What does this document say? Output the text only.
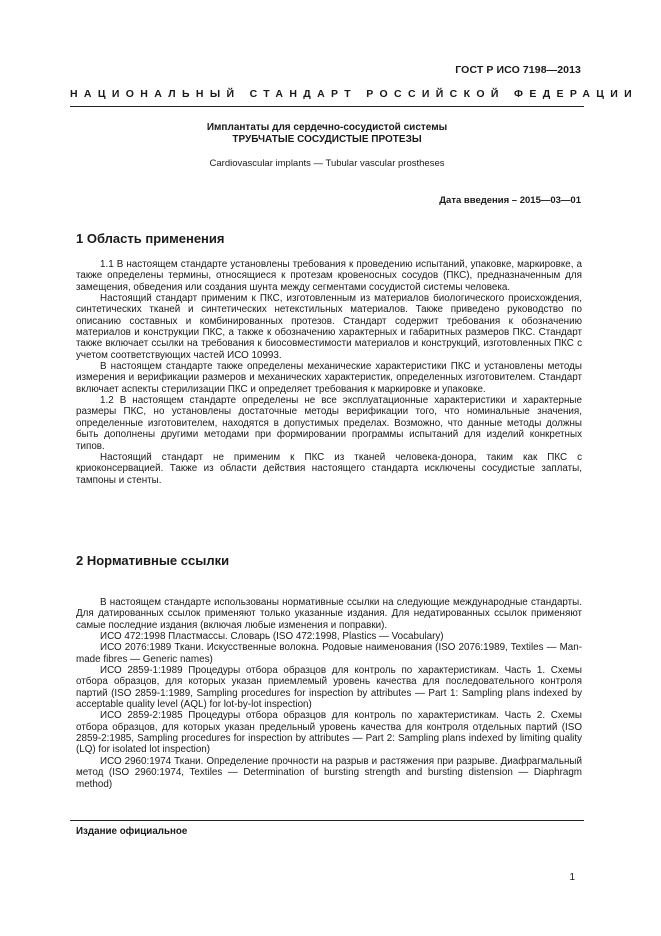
ГОСТ Р ИСО 7198—2013
НАЦИОНАЛЬНЫЙ СТАНДАРТ РОССИЙСКОЙ ФЕДЕРАЦИИ
Имплантаты для сердечно-сосудистой системы
ТРУБЧАТЫЕ СОСУДИСТЫЕ ПРОТЕЗЫ
Cardiovascular implants — Tubular vascular prostheses
Дата введения – 2015—03—01
1 Область применения

1.1 В настоящем стандарте установлены требования к проведению испытаний, упаковке, маркировке, а также определены термины, относящиеся к протезам кровеносных сосудов (ПКС), предназначенным для замещения, обведения или создания шунта между сегментами сосудистой системы человека.

Настоящий стандарт применим к ПКС, изготовленным из материалов биологического происхождения, синтетических тканей и синтетических нетекстильных материалов. Также приведено руководство по описанию составных и комбинированных протезов. Стандарт содержит требования к обозначению материалов и конструкции ПКС, а также к обозначению характерных и габаритных размеров ПКС. Стандарт также включает ссылки на требования к биосовместимости материалов и конструкций, изготовленных ПКС с учетом соответствующих частей ИСО 10993.

В настоящем стандарте также определены механические характеристики ПКС и установлены методы измерения и верификации размеров и механических характеристик, определенных изготовителем. Стандарт включает аспекты стерилизации ПКС и определяет требования к маркировке и упаковке.

1.2 В настоящем стандарте определены не все эксплуатационные характеристики и характерные размеры ПКС, но установлены достаточные методы верификации того, что номинальные значения, определенные изготовителем, находятся в допустимых пределах. Возможно, что данные методы должны быть дополнены другими методами при формировании программы испытаний для изделий конкретных типов.

Настоящий стандарт не применим к ПКС из тканей человека-донора, таким как ПКС с криоконсервацией. Также из области действия настоящего стандарта исключены сосудистые заплаты, тампоны и стенты.

2 Нормативные ссылки

В настоящем стандарте использованы нормативные ссылки на следующие международные стандарты. Для датированных ссылок применяют только указанные издания. Для недатированных ссылок применяют самые последние издания (включая любые изменения и поправки).

ИСО 472:1998 Пластмассы. Словарь (ISO 472:1998, Plastics — Vocabulary)

ИСО 2076:1989 Ткани. Искусственные волокна. Родовые наименования (ISO 2076:1989, Textiles — Man-made fibres — Generic names)

ИСО 2859-1:1989 Процедуры отбора образцов для контроль по характеристикам. Часть 1. Схемы отбора образцов, для которых указан приемлемый уровень качества для последовательного контроля партий (ISO 2859-1:1989, Sampling procedures for inspection by attributes — Part 1: Sampling plans indexed by acceptable quality level (AQL) for lot-by-lot inspection)

ИСО 2859-2:1985 Процедуры отбора образцов для контроль по характеристикам. Часть 2. Схемы отбора образцов, для которых указан предельный уровень качества для контроля отдельных партий (ISO 2859-2:1985, Sampling procedures for inspection by attributes — Part 2: Sampling plans indexed by limiting quality (LQ) for isolated lot inspection)

ИСО 2960:1974 Ткани. Определение прочности на разрыв и растяжения при разрыве. Диафрагмальный метод (ISO 2960:1974, Textiles — Determination of bursting strength and bursting distension — Diaphragm method)

Издание официальное
1
